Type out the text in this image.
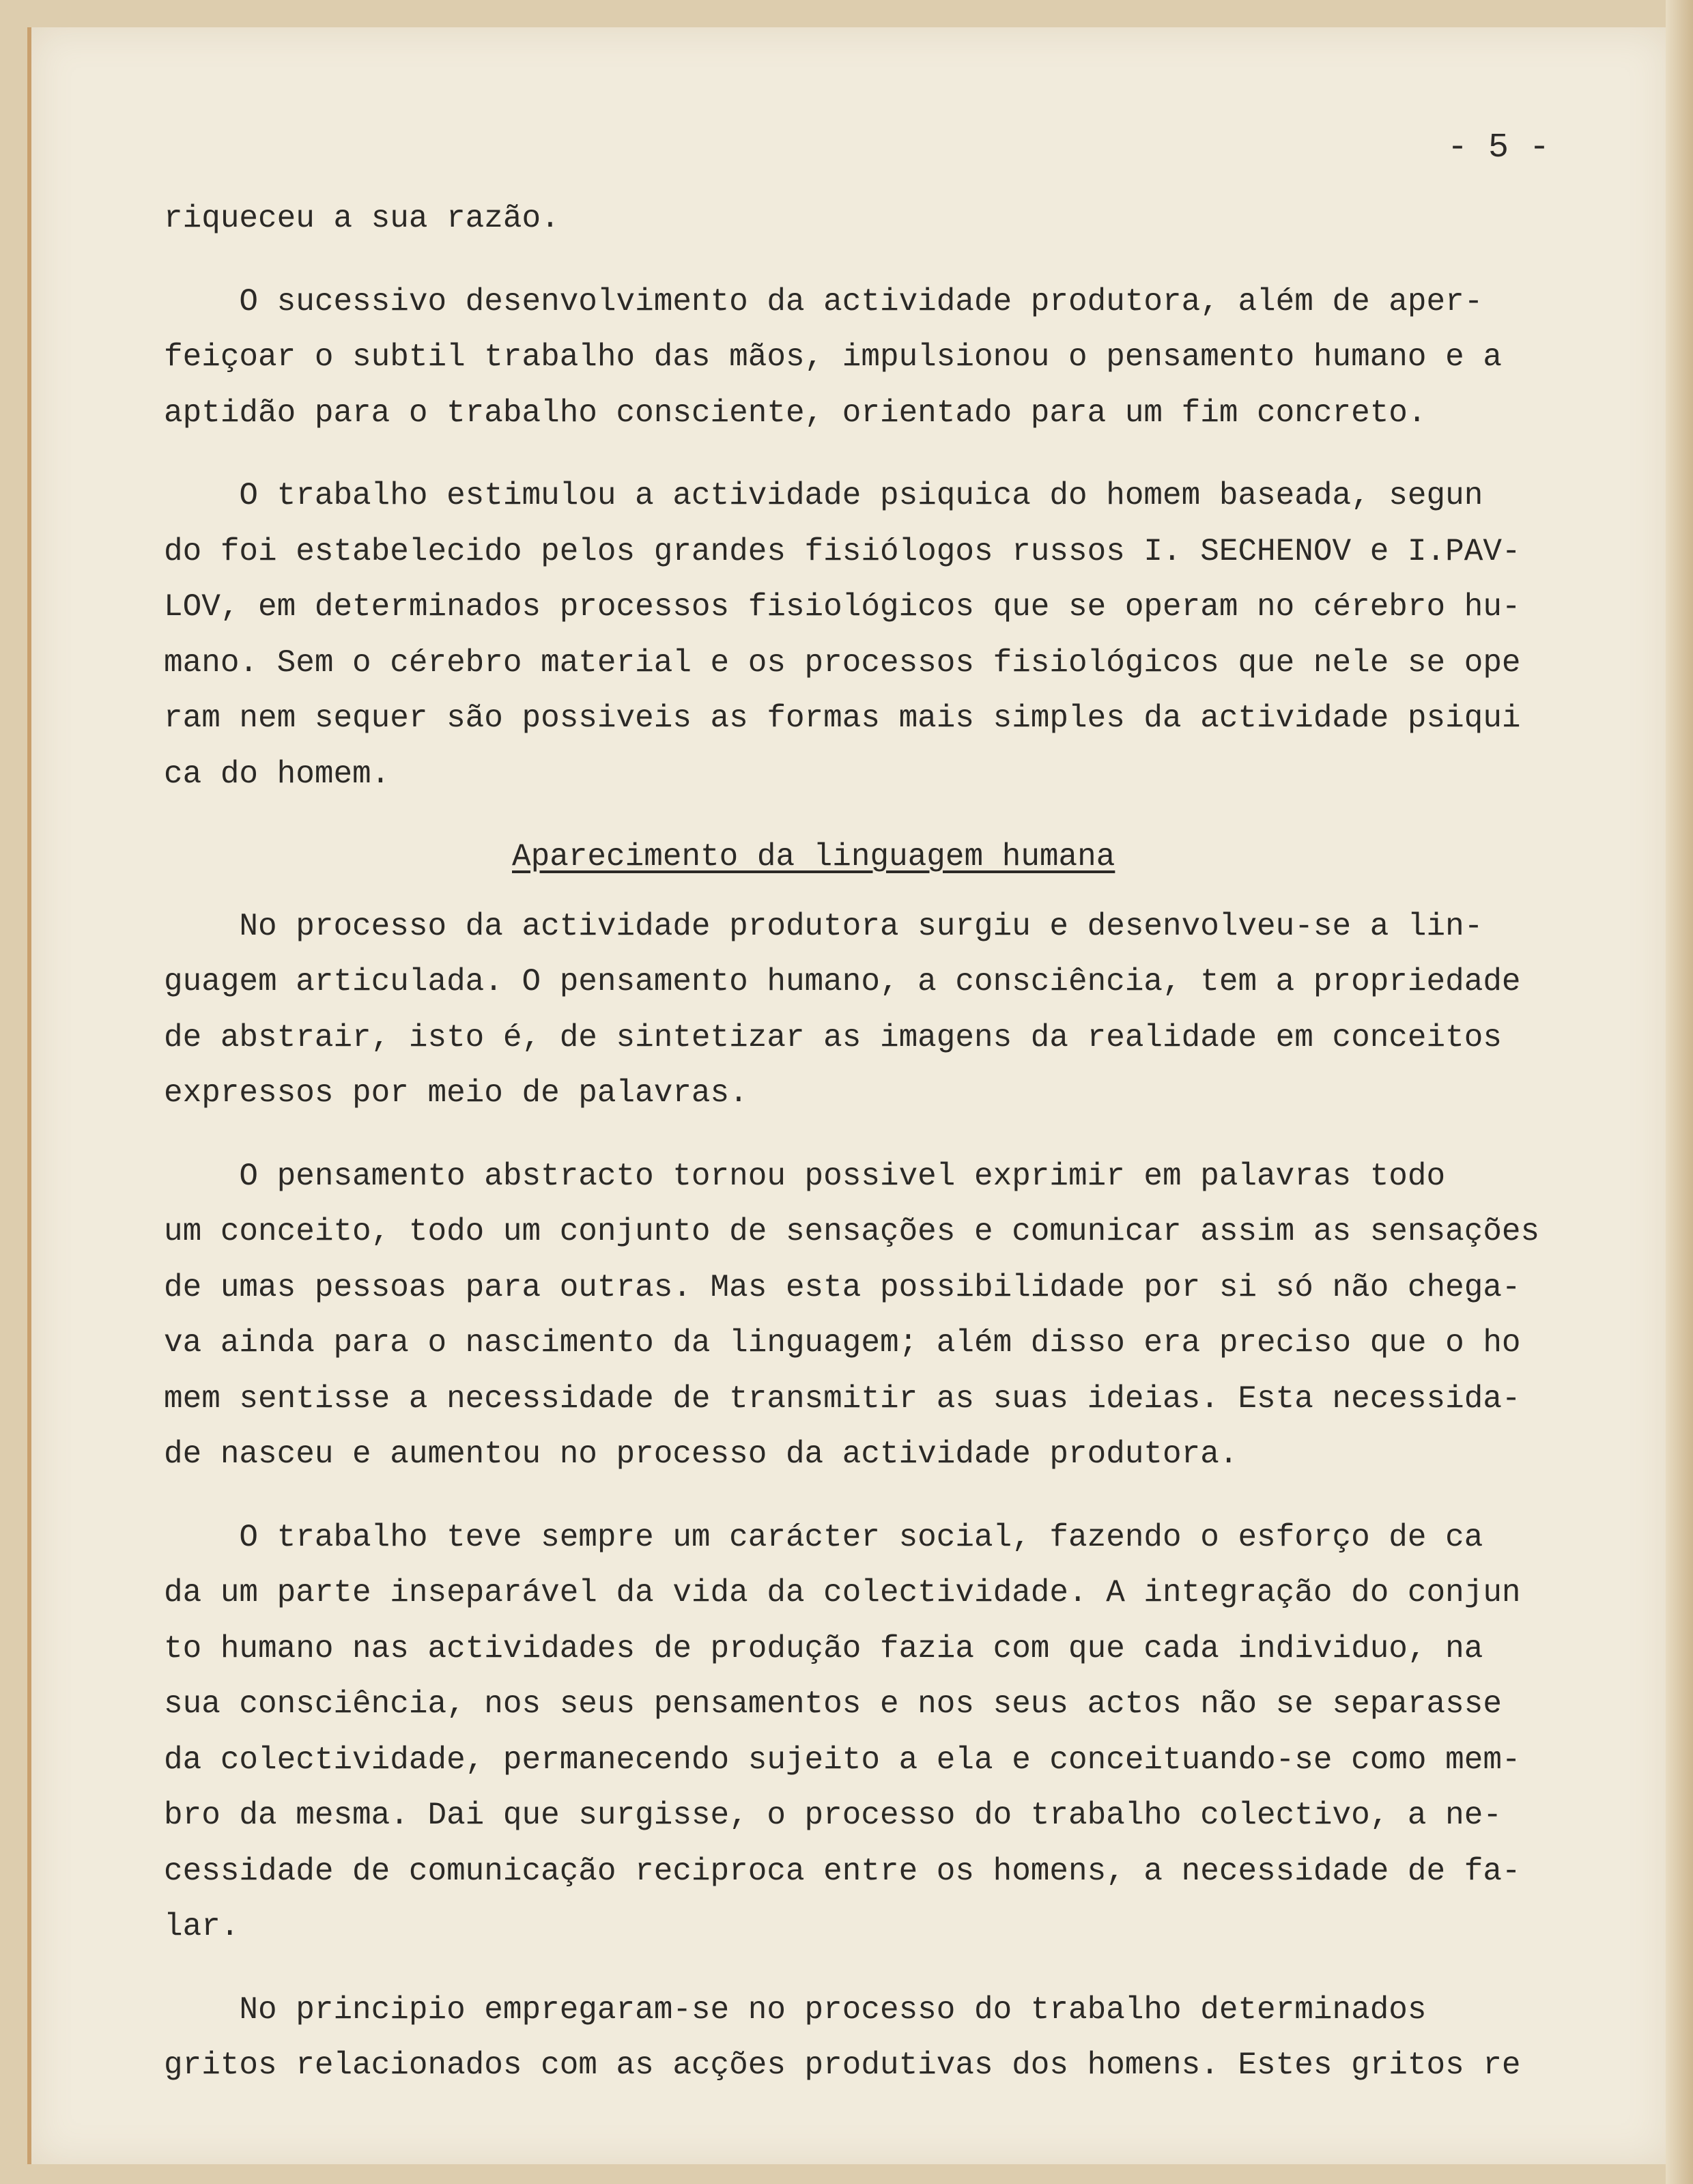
- 5 -
riqueceu a sua razão.
O sucessivo desenvolvimento da actividade produtora, além de aper-
feiçoar o subtil trabalho das mãos, impulsionou o pensamento humano e a
aptidão para o trabalho consciente, orientado para um fim concreto.
O trabalho estimulou a actividade psiquica do homem baseada, segun
do foi estabelecido pelos grandes fisiólogos russos I. SECHENOV e I.PAV-
LOV, em determinados processos fisiológicos que se operam no cérebro hu-
mano. Sem o cérebro material e os processos fisiológicos que nele se ope
ram nem sequer são possiveis as formas mais simples da actividade psiqui
ca do homem.
Aparecimento da linguagem humana
No processo da actividade produtora surgiu e desenvolveu-se a lin-
guagem articulada. O pensamento humano, a consciência, tem a propriedade
de abstrair, isto é, de sintetizar as imagens da realidade em conceitos
expressos por meio de palavras.
O pensamento abstracto tornou possivel exprimir em palavras todo
um conceito, todo um conjunto de sensações e comunicar assim as sensações
de umas pessoas para outras. Mas esta possibilidade por si só não chega-
va ainda para o nascimento da linguagem; além disso era preciso que o ho
mem sentisse a necessidade de transmitir as suas ideias. Esta necessida-
de nasceu e aumentou no processo da actividade produtora.
O trabalho teve sempre um carácter social, fazendo o esforço de ca
da um parte inseparável da vida da colectividade. A integração do conjun
to humano nas actividades de produção fazia com que cada individuo, na
sua consciência, nos seus pensamentos e nos seus actos não se separasse
da colectividade, permanecendo sujeito a ela e conceituando-se como mem-
bro da mesma. Dai que surgisse, o processo do trabalho colectivo, a ne-
cessidade de comunicação reciproca entre os homens, a necessidade de fa-
lar.
No principio empregaram-se no processo do trabalho determinados
gritos relacionados com as acções produtivas dos homens. Estes gritos re
